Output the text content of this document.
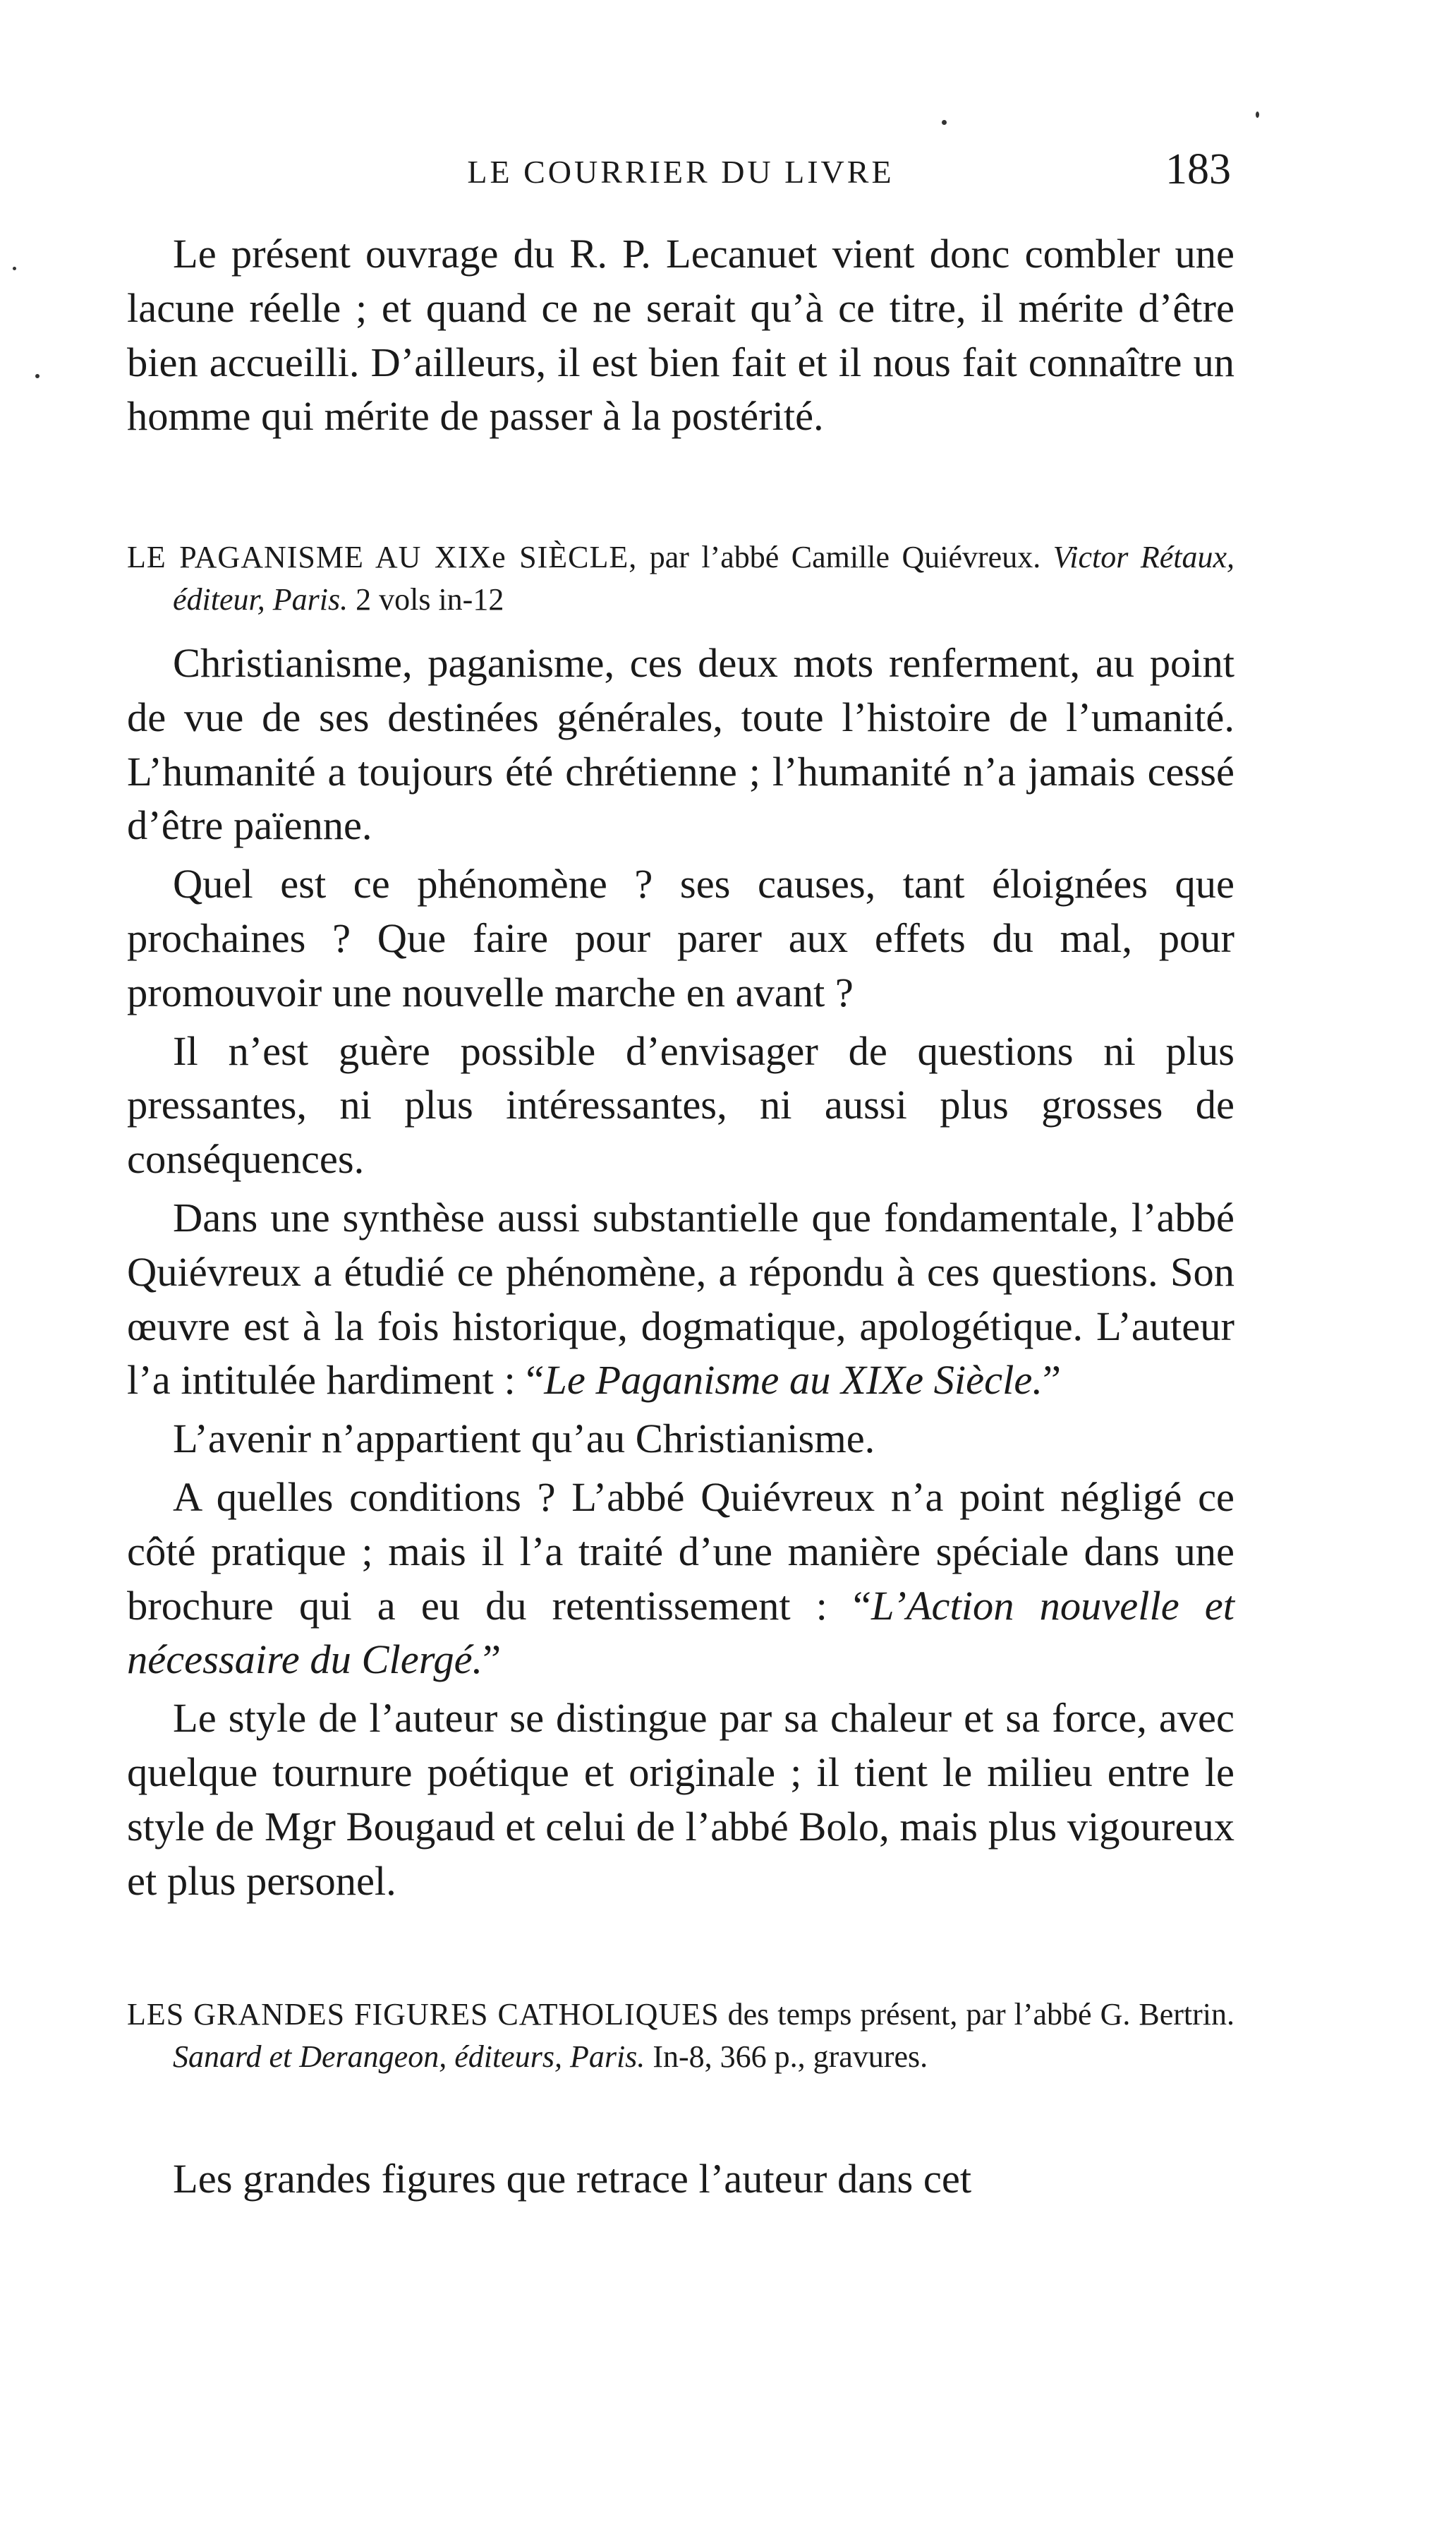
LE COURRIER DU LIVRE	183

Le présent ouvrage du R. P. Lecanuet vient donc combler une lacune réelle ; et quand ce ne serait qu’à ce titre, il mérite d’être bien accueilli. D’ailleurs, il est bien fait et il nous fait connaître un homme qui mérite de passer à la postérité.

LE PAGANISME AU XIXe SIÈCLE, par l’abbé Camille Quiévreux. Victor Rétaux, éditeur, Paris. 2 vols in-12

Christianisme, paganisme, ces deux mots renferment, au point de vue de ses destinées générales, toute l’histoire de l’umanité. L’humanité a toujours été chrétienne ; l’humanité n’a jamais cessé d’être païenne.

Quel est ce phénomène ? ses causes, tant éloignées que prochaines ? Que faire pour parer aux effets du mal, pour promouvoir une nouvelle marche en avant ?

Il n’est guère possible d’envisager de questions ni plus pressantes, ni plus intéressantes, ni aussi plus grosses de conséquences.

Dans une synthèse aussi substantielle que fondamentale, l’abbé Quiévreux a étudié ce phénomène, a répondu à ces questions. Son œuvre est à la fois historique, dogmatique, apologétique. L’auteur l’a intitulée hardiment : “Le Paganisme au XIXe Siècle.”

L’avenir n’appartient qu’au Christianisme.

A quelles conditions ? L’abbé Quiévreux n’a point négligé ce côté pratique ; mais il l’a traité d’une manière spéciale dans une brochure qui a eu du retentissement : “L’Action nouvelle et nécessaire du Clergé.”

Le style de l’auteur se distingue par sa chaleur et sa force, avec quelque tournure poétique et originale ; il tient le milieu entre le style de Mgr Bougaud et celui de l’abbé Bolo, mais plus vigoureux et plus personel.

LES GRANDES FIGURES CATHOLIQUES des temps présent, par l’abbé G. Bertrin. Sanard et Derangeon, éditeurs, Paris. In-8, 366 p., gravures.

Les grandes figures que retrace l’auteur dans cet
